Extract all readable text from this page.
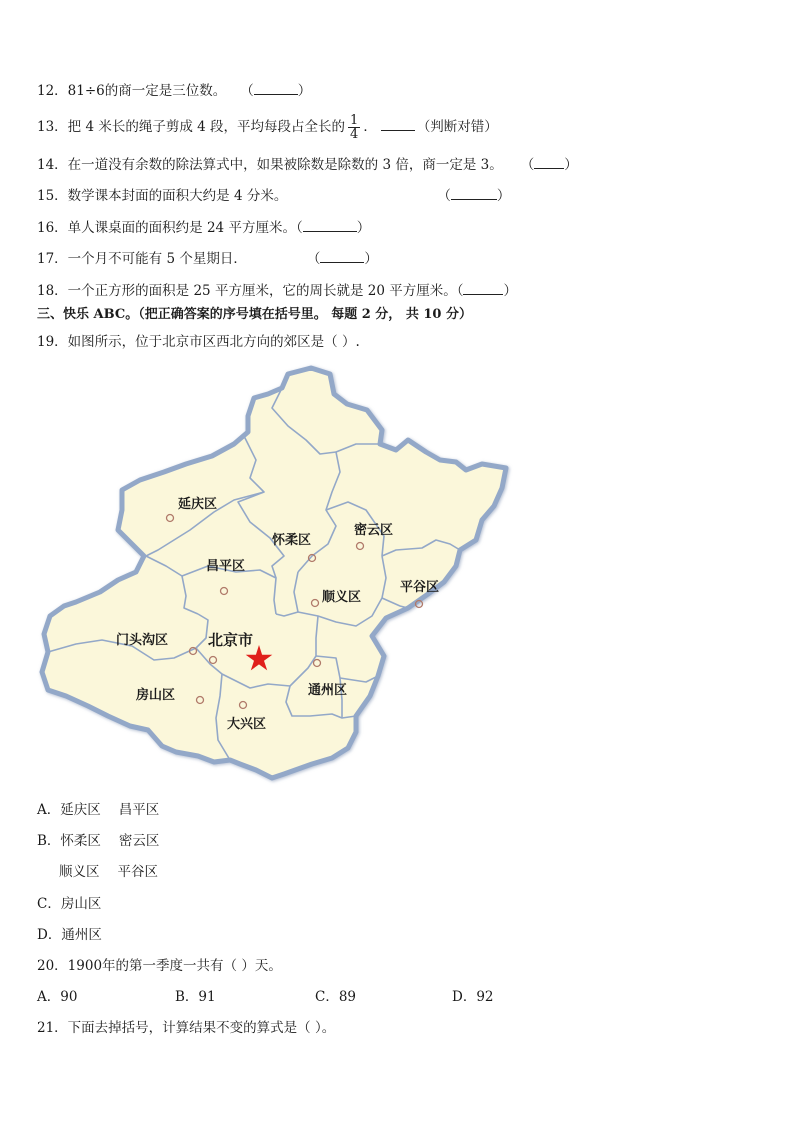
12．81÷6的商一定是三位数。 （	）
13．把 4 米长的绳子剪成 4 段，平均每段占全长的 $\frac{1}{4}$ ．	（判断对错）
14．在一道没有余数的除法算式中，如果被除数是除数的 3 倍，商一定是 3。 （ ）
15．数学课本封面的面积大约是 4 分米。	（	）
16．单人课桌面的面积约是 24 平方厘米。（	）
17．一个月不可能有 5 个星期日．	（	）
18．一个正方形的面积是 25 平方厘米，它的周长就是 20 平方厘米。（	）
三、快乐 ABC。（把正确答案的序号填在括号里。 每题 2 分， 共 10 分）
19．如图所示，位于北京市区西北方向的郊区是（ ）.
延庆区
怀柔区
密云区
昌平区
平谷区
顺义区
门头沟区	北京市
房山区	通州区
大兴区
A．延庆区 昌平区
B．怀柔区 密云区
顺义区 平谷区
C．房山区
D．通州区
20．1900年的第一季度一共有（ ）天。
A．90	B．91	C．89	D．92
21．下面去掉括号，计算结果不变的算式是（ ）。
